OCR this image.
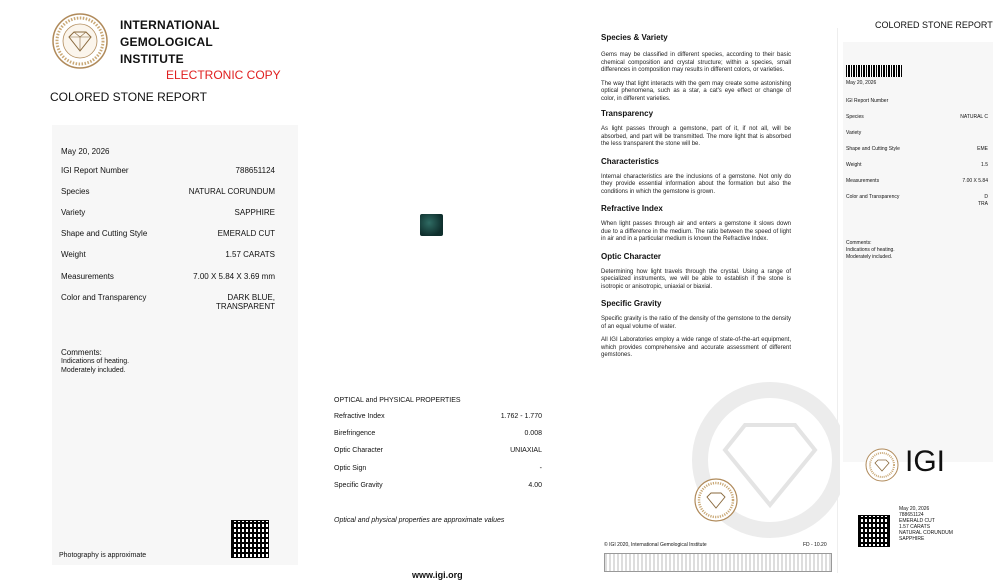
INTERNATIONAL
GEMOLOGICAL
INSTITUTE
ELECTRONIC COPY
COLORED STONE REPORT
May 20, 2026
IGI Report Number	788651124
Species	NATURAL CORUNDUM
Variety	SAPPHIRE
Shape and Cutting Style	EMERALD CUT
Weight	1.57 CARATS
Measurements	7.00 X 5.84 X 3.69 mm
Color and Transparency	DARK BLUE,
TRANSPARENT
Comments:
Indications of heating.
Moderately included.
Photography is approximate
OPTICAL and PHYSICAL PROPERTIES
Refractive Index	1.762 - 1.770
Birefringence	0.008
Optic Character	UNIAXIAL
Optic Sign	-
Specific Gravity	4.00
Optical and physical properties are approximate values
www.igi.org
Species & Variety
Gems may be classified in different species, according to their basic chemical composition and crystal structure; within a species, small differences in composition may results in different colors, or varieties.
The way that light interacts with the gem may create some astonishing optical phenomena, such as a star, a cat's eye effect or change of color, in different varieties.
Transparency
As light passes through a gemstone, part of it, if not all, will be absorbed, and part will be transmitted. The more light that is absorbed the less transparent the stone will be.
Characteristics
Internal characteristics are the inclusions of a gemstone. Not only do they provide essential information about the formation but also the conditions in which the gemstone is grown.
Refractive Index
When light passes through air and enters a gemstone it slows down due to a difference in the medium. The ratio between the speed of light in air and in a particular medium is known the Refractive Index.
Optic Character
Determining how light travels through the crystal. Using a range of specialized instruments, we will be able to establish if the stone is isotropic or anisotropic, uniaxial or biaxial.
Specific Gravity
Specific gravity is the ratio of the density of the gemstone to the density of an equal volume of water.
All IGI Laboratories employ a wide range of state-of-the-art equipment, which provides comprehensive and accurate assessment of different gemstones.
© IGI 2020, International Gemological Institute	FD - 10.20
COLORED STONE REPORT
May 20, 2026
IGI Report Number
Species	NATURAL C
Variety
Shape and Cutting Style	EME
Weight	1.5
Measurements	7.00 X 5.84
Color and Transparency	D
TRA
Comments:
Indications of heating.
Moderately included.
IGI
May 20, 2026
788651124
EMERALD CUT
1.57 CARATS
NATURAL CORUNDUM
SAPPHIRE
